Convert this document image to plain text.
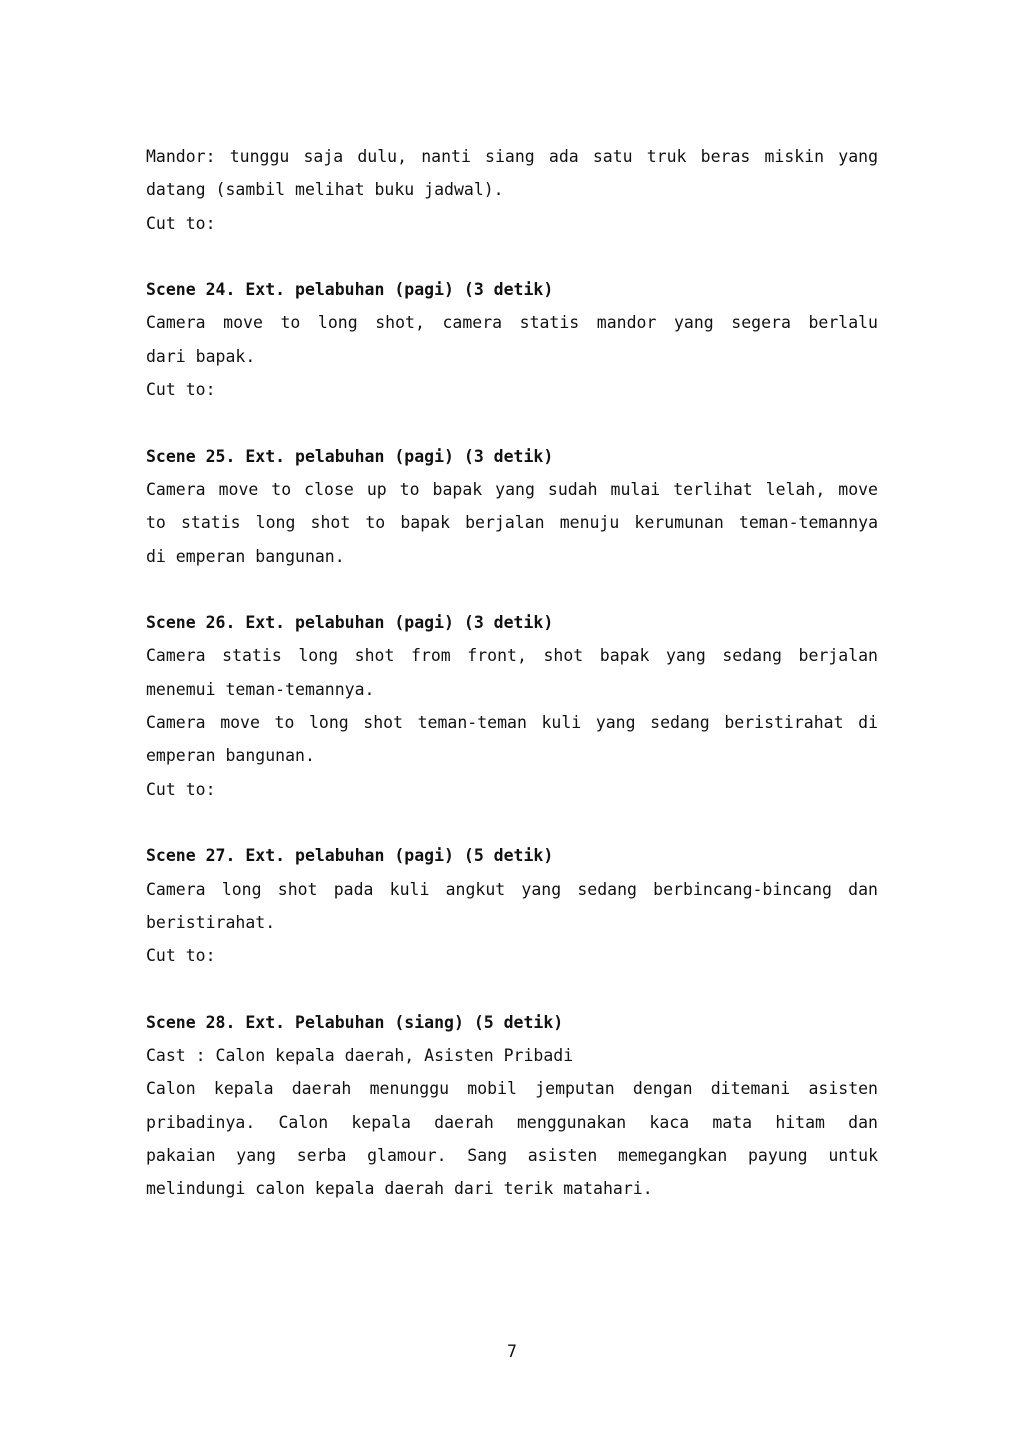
Mandor: tunggu saja dulu, nanti siang ada satu truk beras miskin yang
datang (sambil melihat buku jadwal).
Cut to:
Scene 24. Ext. pelabuhan (pagi) (3 detik)
Camera move to long shot, camera statis mandor yang segera berlalu
dari bapak.
Cut to:
Scene 25. Ext. pelabuhan (pagi) (3 detik)
Camera move to close up to bapak yang sudah mulai terlihat lelah, move
to statis long shot to bapak berjalan menuju kerumunan teman-temannya
di emperan bangunan.
Scene 26. Ext. pelabuhan (pagi) (3 detik)
Camera statis long shot from front, shot bapak yang sedang berjalan
menemui teman-temannya.
Camera move to long shot teman-teman kuli yang sedang beristirahat di
emperan bangunan.
Cut to:
Scene 27. Ext. pelabuhan (pagi) (5 detik)
Camera long shot pada kuli angkut yang sedang berbincang-bincang dan
beristirahat.
Cut to:
Scene 28. Ext. Pelabuhan (siang) (5 detik)
Cast : Calon kepala daerah, Asisten Pribadi
Calon kepala daerah menunggu mobil jemputan dengan ditemani asisten
pribadinya. Calon kepala daerah menggunakan kaca mata hitam dan
pakaian yang serba glamour. Sang asisten memegangkan payung untuk
melindungi calon kepala daerah dari terik matahari.
7
